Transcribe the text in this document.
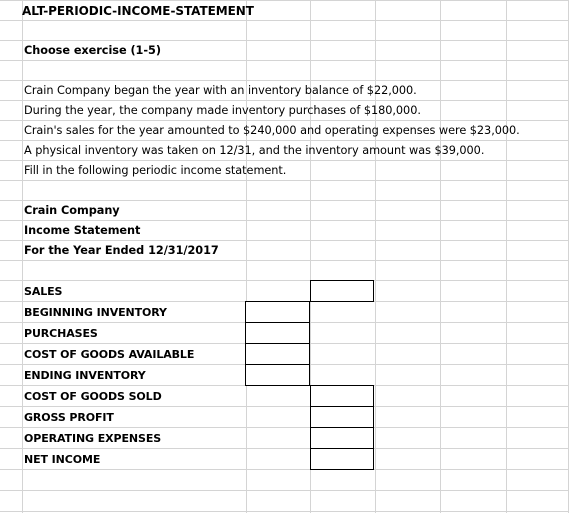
ALT-PERIODIC-INCOME-STATEMENT
Choose exercise (1-5)
Crain Company began the year with an inventory balance of $22,000.
During the year, the company made inventory purchases of $180,000.
Crain's sales for the year amounted to $240,000 and operating expenses were $23,000.
A physical inventory was taken on 12/31, and the inventory amount was $39,000.
Fill in the following periodic income statement.
Crain Company
Income Statement
For the Year Ended 12/31/2017
SALES
BEGINNING INVENTORY
PURCHASES
COST OF GOODS AVAILABLE
ENDING INVENTORY
COST OF GOODS SOLD
GROSS PROFIT
OPERATING EXPENSES
NET INCOME
